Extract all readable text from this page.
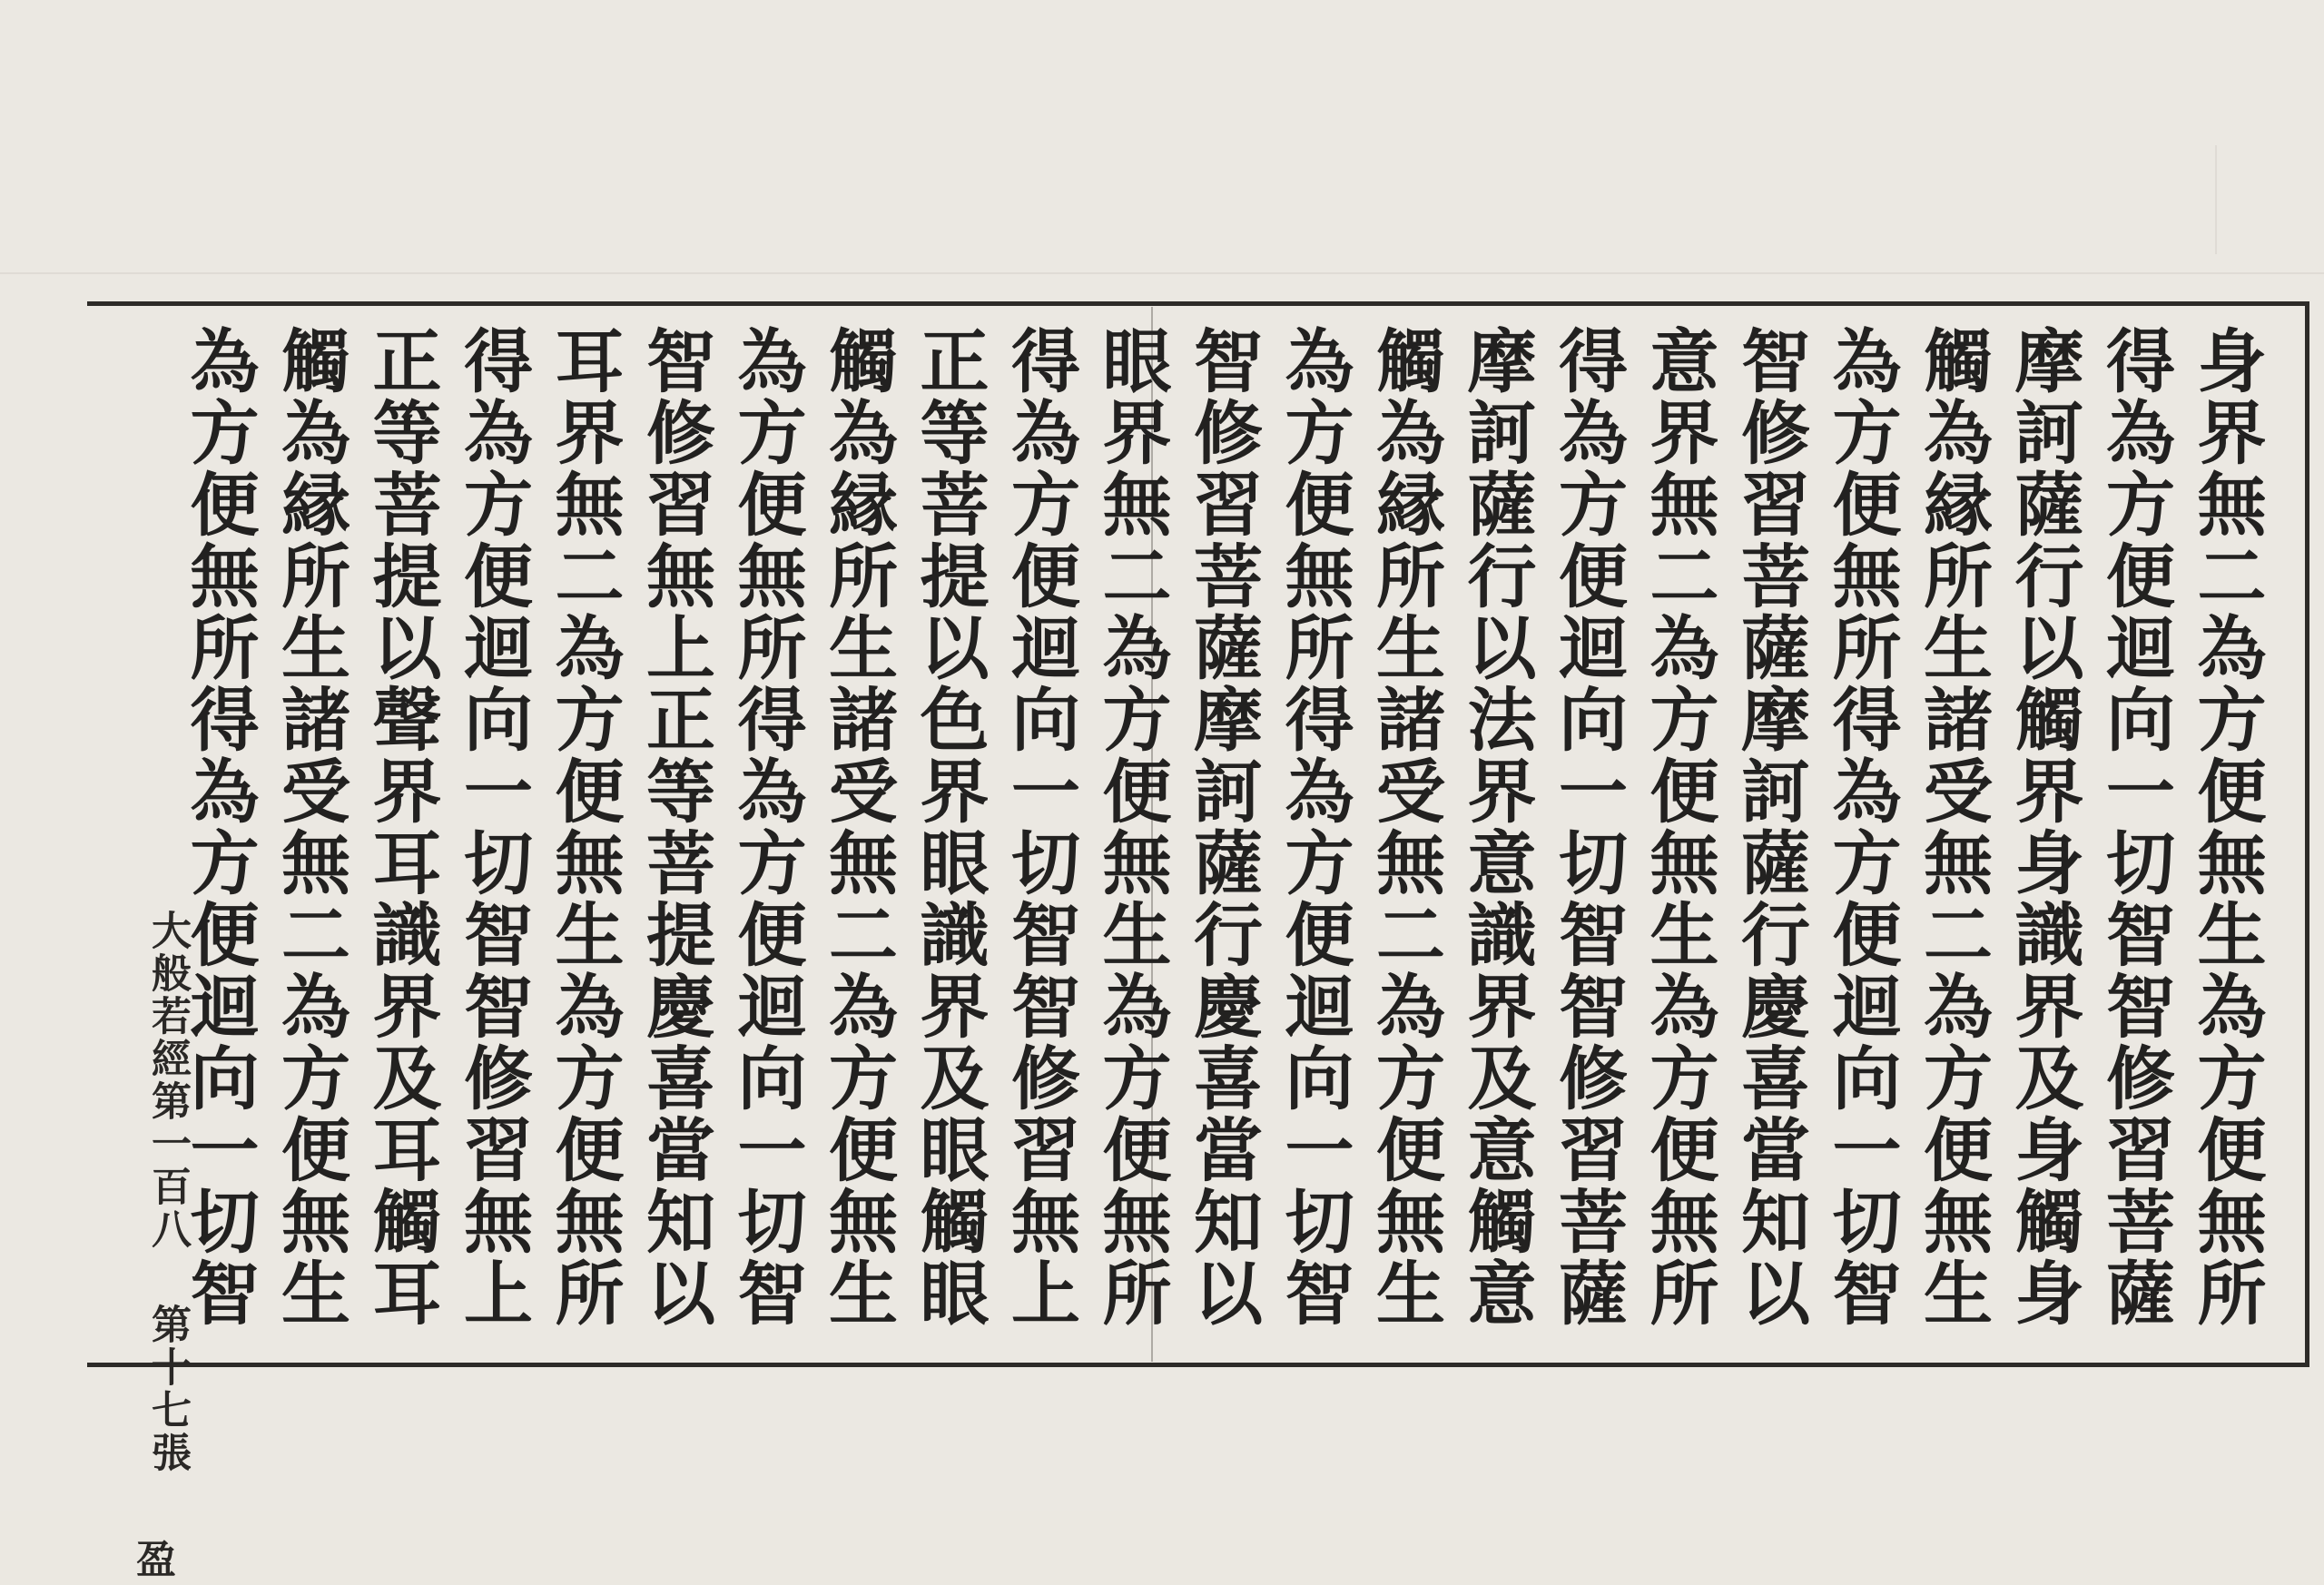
身界無二為方便無生為方便無所
得為方便迴向一切智智修習菩薩
摩訶薩行以觸界身識界及身觸身
觸為縁所生諸受無二為方便無生
為方便無所得為方便迴向一切智
智修習菩薩摩訶薩行慶喜當知以
意界無二為方便無生為方便無所
得為方便迴向一切智智修習菩薩
摩訶薩行以法界意識界及意觸意
觸為縁所生諸受無二為方便無生
為方便無所得為方便迴向一切智
智修習菩薩摩訶薩行慶喜當知以
眼界無二為方便無生為方便無所
得為方便迴向一切智智修習無上
正等菩提以色界眼識界及眼觸眼
觸為縁所生諸受無二為方便無生
為方便無所得為方便迴向一切智
智修習無上正等菩提慶喜當知以
耳界無二為方便無生為方便無所
得為方便迴向一切智智修習無上
正等菩提以聲界耳識界及耳觸耳
觸為縁所生諸受無二為方便無生
為方便無所得為方便迴向一切智
大般若經第一百八
第十七張
盈
